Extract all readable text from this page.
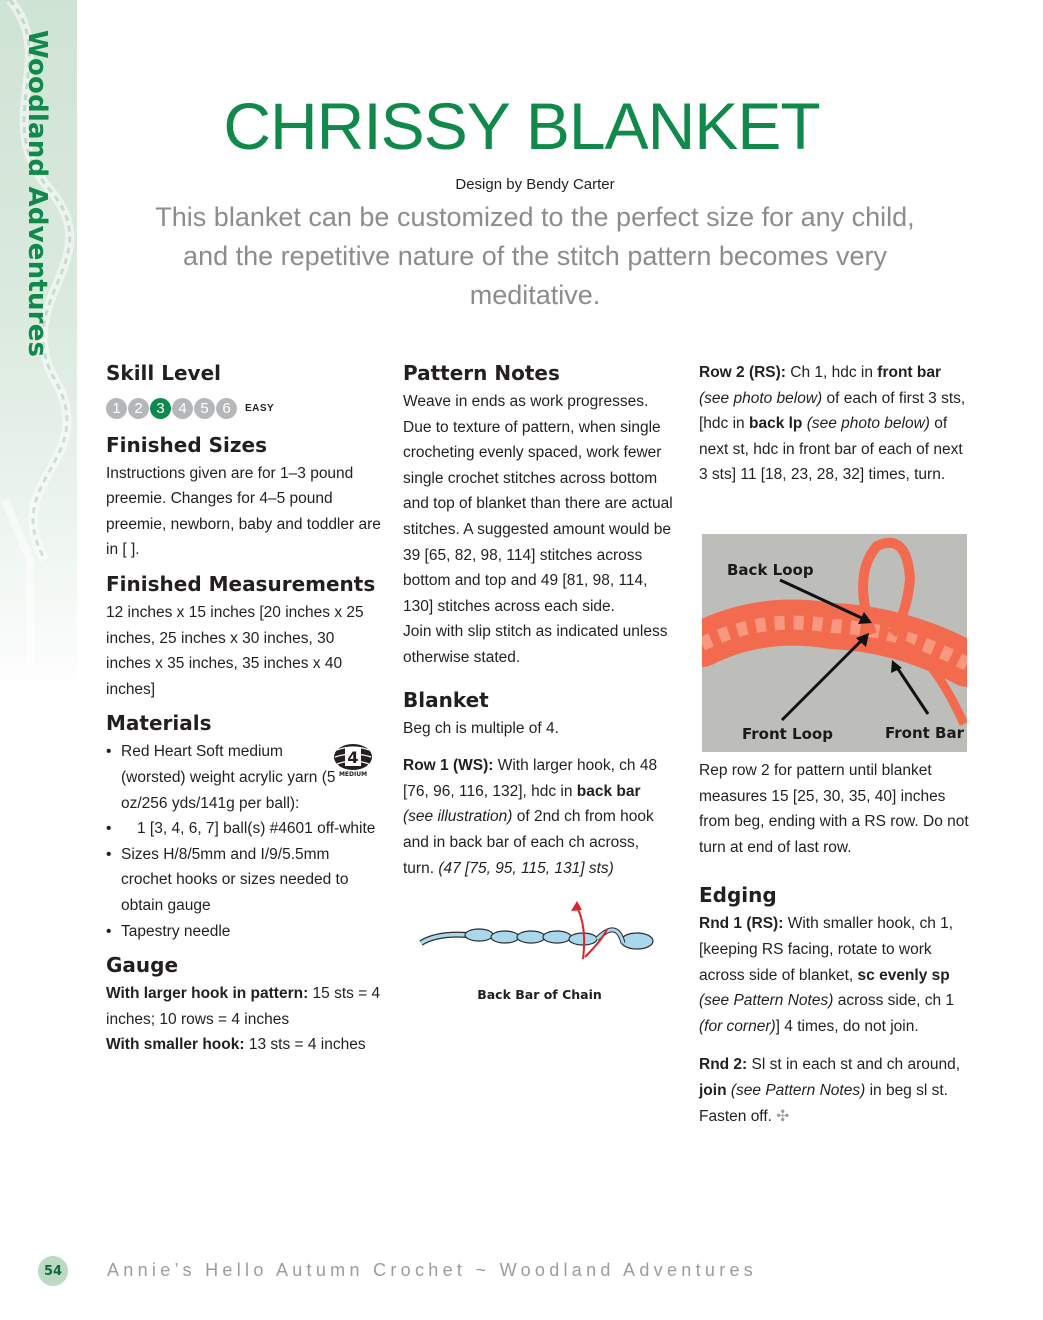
Woodland Adventures	CHRISSY BLANKET
Design by Bendy Carter

This blanket can be customized to the perfect size for any child, and the repetitive nature of the stitch pattern becomes very meditative.

Skill Level
1 2 3 4 5 6	EASY
Finished Sizes

Instructions given are for 1–3 pound preemie. Changes for 4–5 pound preemie, newborn, baby and toddler are in [ ].

Finished Measurements

12 inches x 15 inches [20 inches x 25 inches, 25 inches x 30 inches, 30 inches x 35 inches, 35 inches x 40 inches]

Materials
• Red Heart Soft medium (worsted) weight acrylic yarn (5 oz/256 yds/141g per ball):
• 1 [3, 4, 6, 7] ball(s) #4601 off-white
• Sizes H/8/5mm and I/9/5.5mm crochet hooks or sizes needed to obtain gauge
• Tapestry needle
Gauge

With larger hook in pattern: 15 sts = 4 inches; 10 rows = 4 inches

With smaller hook: 13 sts = 4 inches

4
MEDIUM
Pattern Notes

Weave in ends as work progresses.

Due to texture of pattern, when single crocheting evenly spaced, work fewer single crochet stitches across bottom and top of blanket than there are actual stitches. A suggested amount would be 39 [65, 82, 98, 114] stitches across bottom and top and 49 [81, 98, 114, 130] stitches across each side.

Join with slip stitch as indicated unless otherwise stated.

Blanket

Beg ch is multiple of 4.

Row 1 (WS): With larger hook, ch 48 [76, 96, 116, 132], hdc in back bar (see illustration) of 2nd ch from hook and in back bar of each ch across, turn. (47 [75, 95, 115, 131] sts)

Back Bar of Chain

Row 2 (RS): Ch 1, hdc in front bar (see photo below) of each of first 3 sts, [hdc in back lp (see photo below) of next st, hdc in front bar of each of next 3 sts] 11 [18, 23, 28, 32] times, turn.

Rep row 2 for pattern until blanket measures 15 [25, 30, 35, 40] inches from beg, ending with a RS row. Do not turn at end of last row.

Edging

Rnd 1 (RS): With smaller hook, ch 1, [keeping RS facing, rotate to work across side of blanket, sc evenly sp (see Pattern Notes) across side, ch 1 (for corner)] 4 times, do not join.

Rnd 2: Sl st in each st and ch around, join (see Pattern Notes) in beg sl st. Fasten off. ✣

Back Loop
Front Loop	Front Bar
54	Annie’s Hello Autumn Crochet ~ Woodland Adventures
